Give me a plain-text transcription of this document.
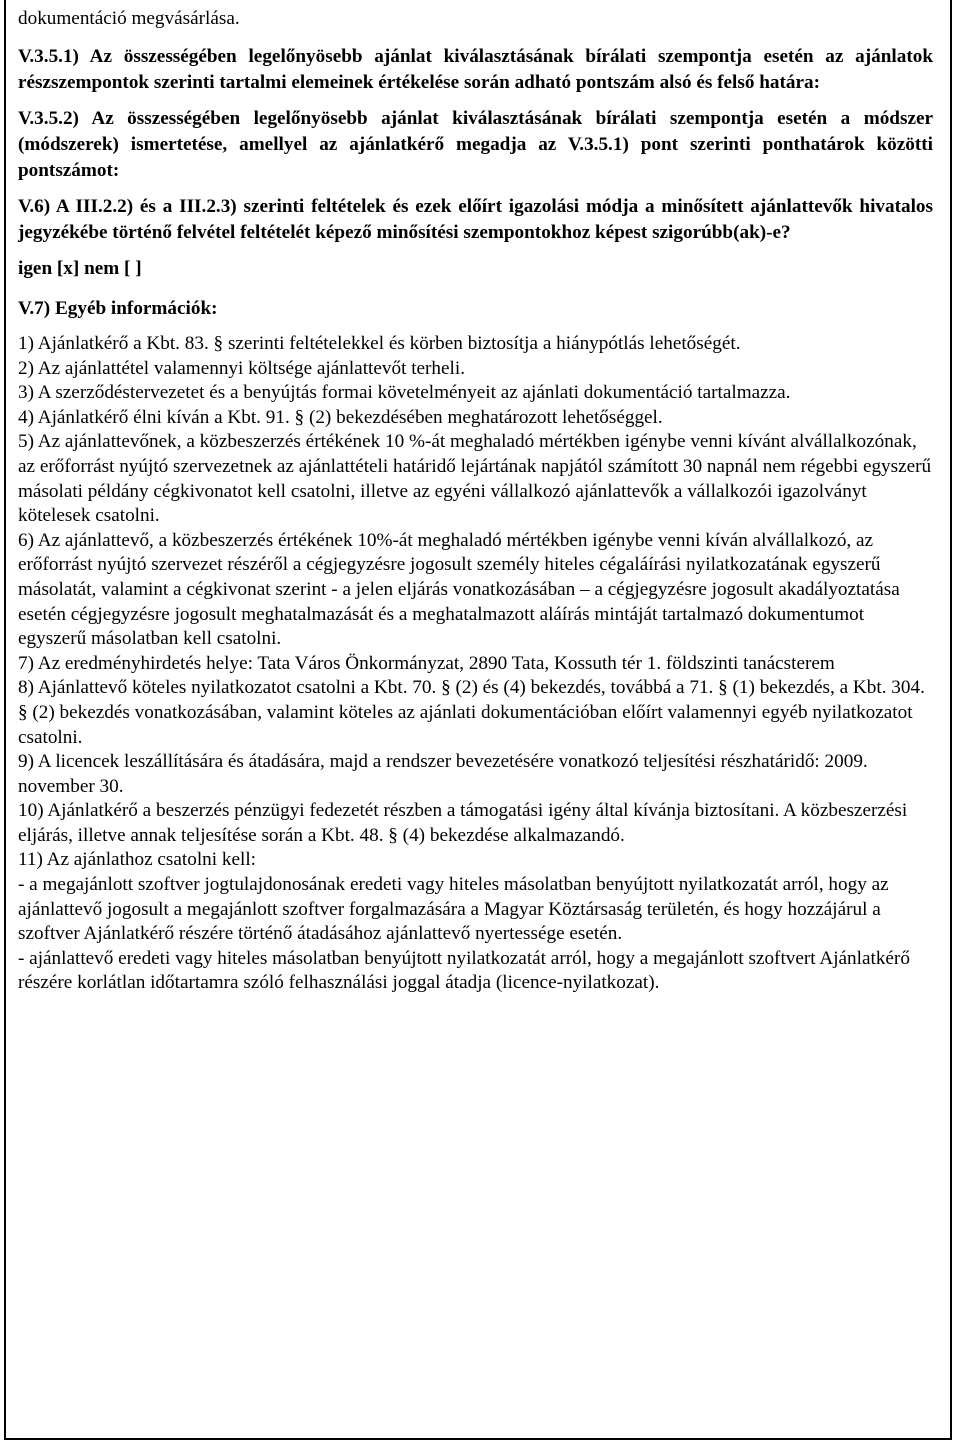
dokumentáció megvásárlása.

V.3.5.1) Az összességében legelőnyösebb ajánlat kiválasztásának bírálati szempontja esetén az ajánlatok részszempontok szerinti tartalmi elemeinek értékelése során adható pontszám alsó és felső határa:

V.3.5.2) Az összességében legelőnyösebb ajánlat kiválasztásának bírálati szempontja esetén a módszer (módszerek) ismertetése, amellyel az ajánlatkérő megadja az V.3.5.1) pont szerinti ponthatárok közötti pontszámot:

V.6) A III.2.2) és a III.2.3) szerinti feltételek és ezek előírt igazolási módja a minősített ajánlattevők hivatalos jegyzékébe történő felvétel feltételét képező minősítési szempontokhoz képest szigorúbb(ak)-e?

igen [x] nem [ ]

V.7) Egyéb információk:

1) Ajánlatkérő a Kbt. 83. § szerinti feltételekkel és körben biztosítja a hiánypótlás lehetőségét.

2) Az ajánlattétel valamennyi költsége ajánlattevőt terheli.

3) A szerződéstervezetet és a benyújtás formai követelményeit az ajánlati dokumentáció tartalmazza.

4) Ajánlatkérő élni kíván a Kbt. 91. § (2) bekezdésében meghatározott lehetőséggel.

5) Az ajánlattevőnek, a közbeszerzés értékének 10 %-át meghaladó mértékben igénybe venni kívánt alvállalkozónak, az erőforrást nyújtó szervezetnek az ajánlattételi határidő lejártának napjától számított 30 napnál nem régebbi egyszerű másolati példány cégkivonatot kell csatolni, illetve az egyéni vállalkozó ajánlattevők a vállalkozói igazolványt kötelesek csatolni.

6) Az ajánlattevő, a közbeszerzés értékének 10%-át meghaladó mértékben igénybe venni kíván alvállalkozó, az erőforrást nyújtó szervezet részéről a cégjegyzésre jogosult személy hiteles cégaláírási nyilatkozatának egyszerű másolatát, valamint a cégkivonat szerint - a jelen eljárás vonatkozásában – a cégjegyzésre jogosult akadályoztatása esetén cégjegyzésre jogosult meghatalmazását és a meghatalmazott aláírás mintáját tartalmazó dokumentumot egyszerű másolatban kell csatolni.

7) Az eredményhirdetés helye: Tata Város Önkormányzat, 2890 Tata, Kossuth tér 1. földszinti tanácsterem

8) Ajánlattevő köteles nyilatkozatot csatolni a Kbt. 70. § (2) és (4) bekezdés, továbbá a 71. § (1) bekezdés, a Kbt. 304. § (2) bekezdés vonatkozásában, valamint köteles az ajánlati dokumentációban előírt valamennyi egyéb nyilatkozatot csatolni.

9) A licencek leszállítására és átadására, majd a rendszer bevezetésére vonatkozó teljesítési részhatáridő: 2009. november 30.

10) Ajánlatkérő a beszerzés pénzügyi fedezetét részben a támogatási igény által kívánja biztosítani. A közbeszerzési eljárás, illetve annak teljesítése során a Kbt. 48. § (4) bekezdése alkalmazandó.

11) Az ajánlathoz csatolni kell:

- a megajánlott szoftver jogtulajdonosának eredeti vagy hiteles másolatban benyújtott nyilatkozatát arról, hogy az ajánlattevő jogosult a megajánlott szoftver forgalmazására a Magyar Köztársaság területén, és hogy hozzájárul a szoftver Ajánlatkérő részére történő átadásához ajánlattevő nyertessége esetén.

- ajánlattevő eredeti vagy hiteles másolatban benyújtott nyilatkozatát arról, hogy a megajánlott szoftvert Ajánlatkérő részére korlátlan időtartamra szóló felhasználási joggal átadja (licence-nyilatkozat).
